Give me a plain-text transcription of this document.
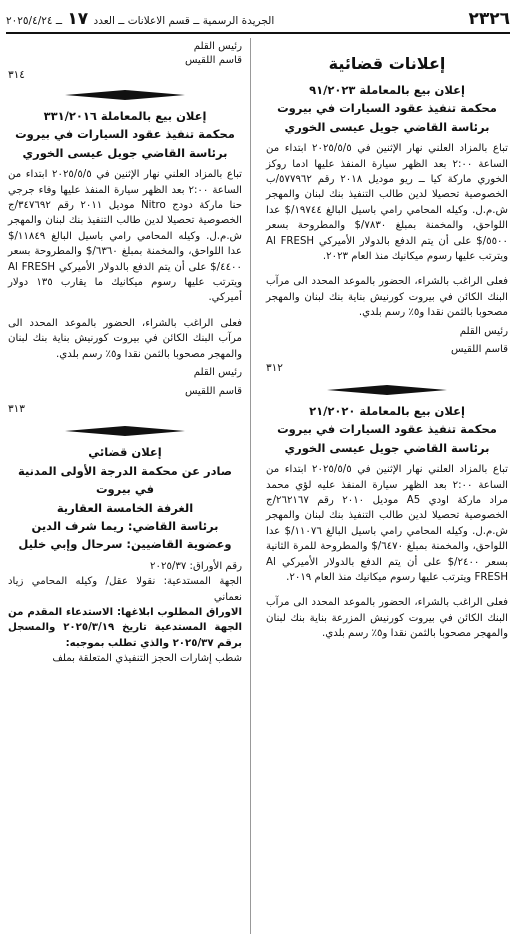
٢٣٢٦
الجريدة الرسمية ــ قسم الاعلانات ــ العدد ١٧ ــ ٢٠٢٥/٤/٢٤
إعلانات قضائية
إعلان بيع بالمعاملة ٩١/٢٠٢٣
محكمة تنفيذ عقود السيارات في بيروت
برئاسة القاضي جويل عيسى الخوري

تباع بالمزاد العلني نهار الإثنين في ٢٠٢٥/٥/٥ ابتداء من الساعة ٢:٠٠ بعد الظهر سيارة المنفذ عليها ادما روكز الخوري ماركة كيا ــ ريو موديل ٢٠١٨ رقم ٥٧٧٩٦٢/ب الخصوصية تحصيلا لدين طالب التنفيذ بنك لبنان والمهجر ش.م.ل. وكيله المحامي رامي باسيل البالغ ١٩٧٤٤/$ عدا اللواحق، والمخمنة بمبلغ ٧٨٣٠/$ والمطروحة بسعر ٥٥٠٠/$ على أن يتم الدفع بالدولار الأميركي Al FRESH ويترتب عليها رسوم ميكانيك منذ العام ٢٠٢٣.

فعلى الراغب بالشراء، الحضور بالموعد المحدد الى مرآب البنك الكائن في بيروت كورنيش بناية بنك لبنان والمهجر مصحوبا بالثمن نقدا و٥٪ رسم بلدي.

رئيس القلم
قاسم اللقيس
٣١٢
إعلان بيع بالمعاملة ٢١/٢٠٢٠
محكمة تنفيذ عقود السيارات في بيروت
برئاسة القاضي جويل عيسى الخوري

تباع بالمزاد العلني نهار الإثنين في ٢٠٢٥/٥/٥ ابتداء من الساعة ٢:٠٠ بعد الظهر سيارة المنفذ عليه لؤي محمد مراد ماركة اودي A5 موديل ٢٠١٠ رقم ٢٦٢١٦٧/ج الخصوصية تحصيلا لدين طالب التنفيذ بنك لبنان والمهجر ش.م.ل. وكيله المحامي رامي باسيل البالغ ١١٠٧٦/$ عدا اللواحق، والمخمنة بمبلغ ٦٤٧٠/$ والمطروحة للمرة الثانية بسعر ٢٤٠٠/$ على أن يتم الدفع بالدولار الأميركي Al FRESH ويترتب عليها رسوم ميكانيك منذ العام ٢٠١٩.

فعلى الراغب بالشراء، الحضور بالموعد المحدد الى مرآب البنك الكائن في بيروت كورنيش المزرعة بناية بنك لبنان والمهجر مصحوبا بالثمن نقدا و٥٪ رسم بلدي.

رئيس القلم
قاسم اللقيس
٣١٤
إعلان بيع بالمعاملة ٣٣١/٢٠١٦
محكمة تنفيذ عقود السيارات في بيروت
برئاسة القاضي جويل عيسى الخوري

تباع بالمزاد العلني نهار الإثنين في ٢٠٢٥/٥/٥ ابتداء من الساعة ٢:٠٠ بعد الظهر سيارة المنفذ عليها وفاء جرجي حنا ماركة دودج Nitro موديل ٢٠١١ رقم ٣٤٧٦٩٢/ج الخصوصية تحصيلا لدين طالب التنفيذ بنك لبنان والمهجر ش.م.ل. وكيله المحامي رامي باسيل البالغ ١١٨٤٩/$ عدا اللواحق، والمخمنة بمبلغ ٦٣٦٠/$ والمطروحة بسعر ٤٤٠٠/$ على أن يتم الدفع بالدولار الأميركي Al FRESH ويترتب عليها رسوم ميكانيك ما يقارب ١٣٥ دولار أميركي.

فعلى الراغب بالشراء، الحضور بالموعد المحدد الى مرآب البنك الكائن في بيروت كورنيش بناية بنك لبنان والمهجر مصحوبا بالثمن نقدا و٥٪ رسم بلدي.

رئيس القلم
قاسم اللقيس
٣١٣
إعلان قضائي
صادر عن محكمة الدرجة الأولى المدنية
في بيروت
الغرفة الخامسة العقارية
برئاسة القاضي: ريما شرف الدين
وعضوية القاضيين: سرحال وإبي خليل

رقم الأوراق: ٢٠٢٥/٣٧

الجهة المستدعية: نقولا عقل/ وكيله المحامي زياد نعماني

الاوراق المطلوب ابلاغها: الاستدعاء المقدم من الجهة المستدعية تاريخ ٢٠٢٥/٣/١٩ والمسجل برقم ٢٠٢٥/٣٧ والذي تطلب بموجبه:

شطب إشارات الحجز التنفيذي المتعلقة بملف
